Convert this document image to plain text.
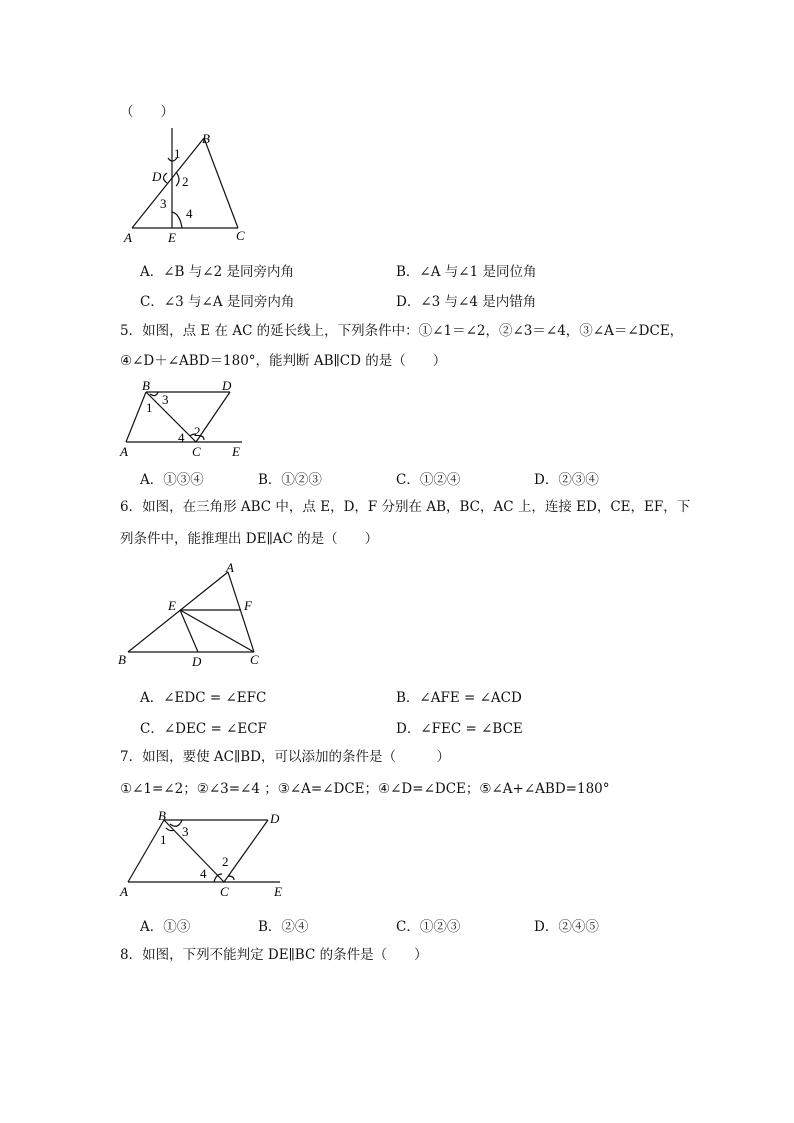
（　　）
B
D
A	E	C
1
2
3
4
A．∠B 与∠2 是同旁内角	B．∠A 与∠1 是同位角
C．∠3 与∠A 是同旁内角	D．∠3 与∠4 是内错角
5．如图，点 E 在 AC 的延长线上，下列条件中：①∠1＝∠2，②∠3＝∠4，③∠A＝∠DCE，
④∠D＋∠ABD＝180°，能判断 AB∥CD 的是（　　）
B	D
A	C E
1
2
3
4
A．①③④	B．①②③	C．①②④	D．②③④
6．如图，在三角形 ABC 中，点 E，D，F 分别在 AB，BC，AC 上，连接 ED，CE，EF，下
列条件中，能推理出 DE∥AC 的是（　　）
A
E	F
B	D	C
A．∠EDC = ∠EFC	B．∠AFE = ∠ACD
C．∠DEC = ∠ECF	D．∠FEC = ∠BCE
7．如图，要使 AC∥BD，可以添加的条件是（　　　）
①∠1=∠2；②∠3=∠4 ；③∠A=∠DCE；④∠D=∠DCE；⑤∠A+∠ABD=180°
B	D
A	C	E
1
2
3
4
A．①③	B．②④	C．①②③	D．②④⑤
8．如图，下列不能判定 DE∥BC 的条件是（　　）
